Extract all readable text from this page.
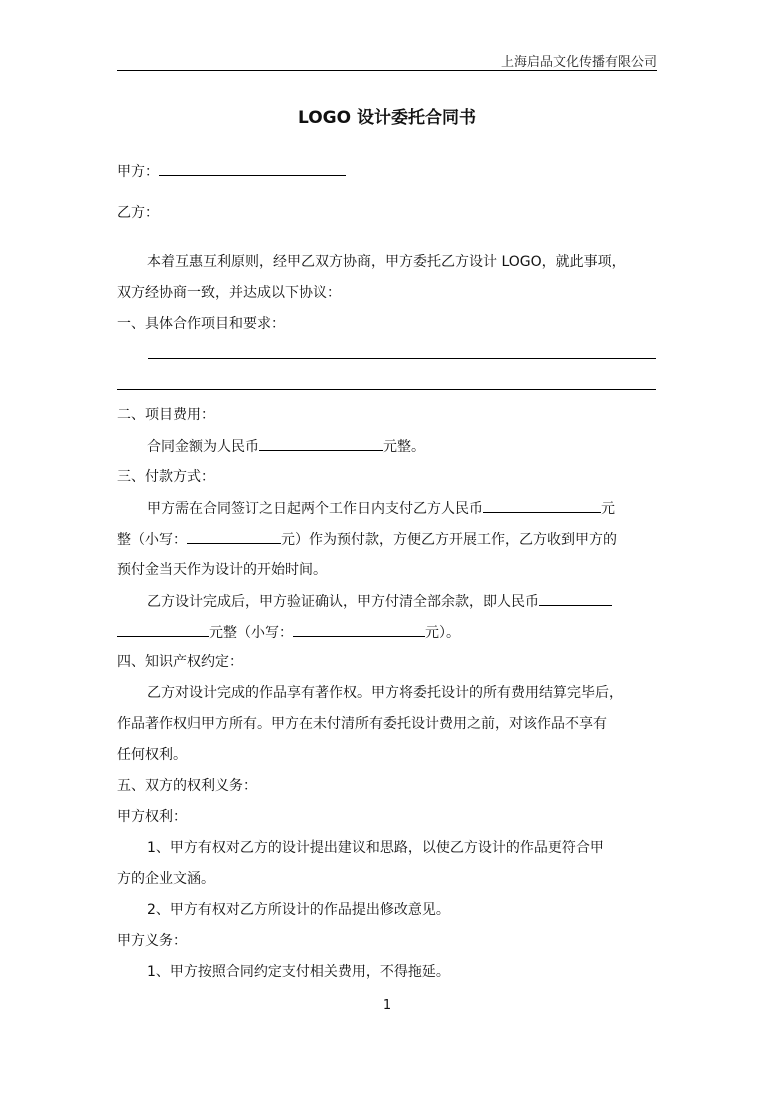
上海启品文化传播有限公司
LOGO 设计委托合同书
甲方：
乙方：
本着互惠互利原则，经甲乙双方协商，甲方委托乙方设计 LOGO，就此事项，
双方经协商一致，并达成以下协议：
一、具体合作项目和要求：
二、项目费用：
合同金额为人民币	元整。
三、付款方式：
甲方需在合同签订之日起两个工作日内支付乙方人民币	元
整（小写：	元）作为预付款，方便乙方开展工作，乙方收到甲方的
预付金当天作为设计的开始时间。
乙方设计完成后，甲方验证确认，甲方付清全部余款，即人民币
元整（小写：	元）。
四、知识产权约定：
乙方对设计完成的作品享有著作权。甲方将委托设计的所有费用结算完毕后，
作品著作权归甲方所有。甲方在未付清所有委托设计费用之前，对该作品不享有
任何权利。
五、双方的权利义务：
甲方权利：
1、甲方有权对乙方的设计提出建议和思路，以使乙方设计的作品更符合甲
方的企业文涵。
2、甲方有权对乙方所设计的作品提出修改意见。
甲方义务：
1、甲方按照合同约定支付相关费用，不得拖延。
1
